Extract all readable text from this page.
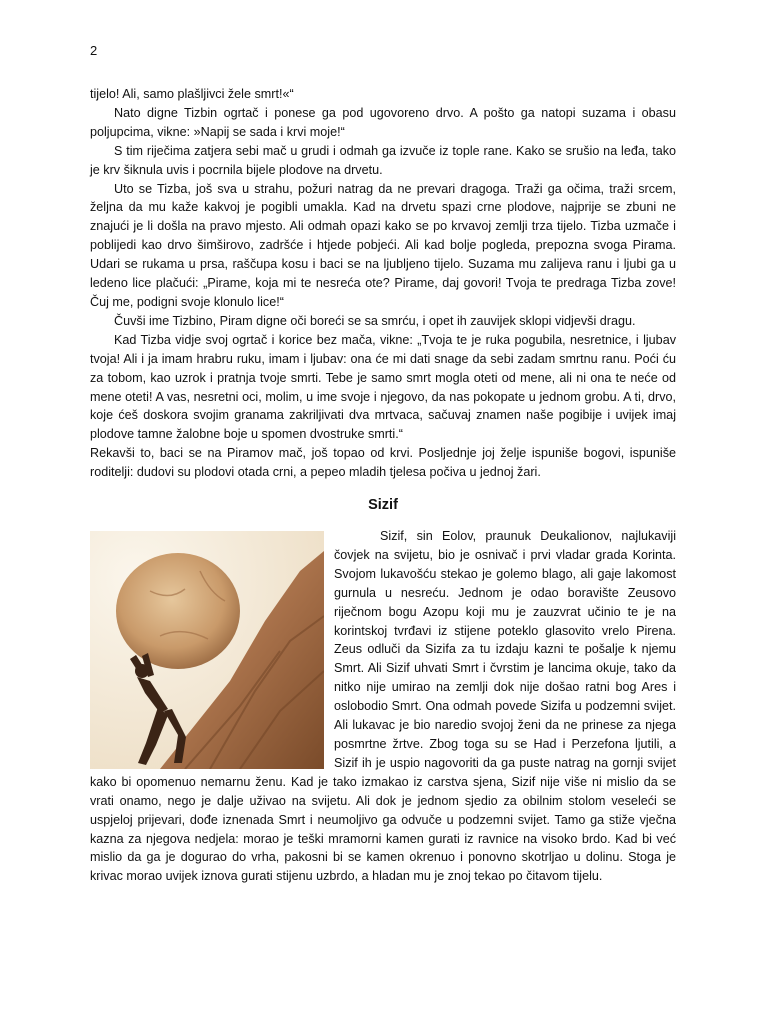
2

tijelo! Ali, samo plašljivci žele smrt!«“

Nato digne Tizbin ogrtač i ponese ga pod ugovoreno drvo. A pošto ga natopi suzama i obasu poljupcima, vikne: »Napij se sada i krvi moje!“

S tim riječima zatjera sebi mač u grudi i odmah ga izvuče iz tople rane. Kako se srušio na leđa, tako je krv šiknula uvis i pocrnila bijele plodove na drvetu.

Uto se Tizba, još sva u strahu, požuri natrag da ne prevari dragoga. Traži ga očima, traži srcem, željna da mu kaže kakvoj je pogibli umakla. Kad na drvetu spazi crne plodove, najprije se zbuni ne znajući je li došla na pravo mjesto. Ali odmah opazi kako se po krvavoj zemlji trza tijelo. Tizba uzmače i poblijedi kao drvo šimširovo, zadršće i htjede pobjeći. Ali kad bolje pogleda, prepozna svoga Pirama. Udari se rukama u prsa, raščupa kosu i baci se na ljubljeno tijelo. Suzama mu zalijeva ranu i ljubi ga u ledeno lice plačući: „Pirame, koja mi te nesreća ote? Pirame, daj govori! Tvoja te predraga Tizba zove! Čuj me, podigni svoje klonulo lice!“

Čuvši ime Tizbino, Piram digne oči boreći se sa smrću, i opet ih zauvijek sklopi vidjevši dragu.

Kad Tizba vidje svoj ogrtač i korice bez mača, vikne: „Tvoja te je ruka pogubila, nesretnice, i ljubav tvoja! Ali i ja imam hrabru ruku, imam i ljubav: ona će mi dati snage da sebi zadam smrtnu ranu. Poći ću za tobom, kao uzrok i pratnja tvoje smrti. Tebe je samo smrt mogla oteti od mene, ali ni ona te neće od mene oteti! A vas, nesretni oci, molim, u ime svoje i njegovo, da nas pokopate u jednom grobu. A ti, drvo, koje ćeš doskora svojim granama zakriljivati dva mrtvaca, sačuvaj znamen naše pogibije i uvijek imaj plodove tamne žalobne boje u spomen dvostruke smrti.“

Rekavši to, baci se na Piramov mač, još topao od krvi. Posljednje joj želje ispuniše bogovi, ispuniše roditelji: dudovi su plodovi otada crni, a pepeo mladih tjelesa počiva u jednoj žari.

Sizif

Sizif, sin Eolov, praunuk Deukalionov, najlukaviji čovjek na svijetu, bio je osnivač i prvi vladar grada Korinta. Svojom lukavošću stekao je golemo blago, ali gaje lakomost gurnula u nesreću. Jednom je odao boravište Zeusovo riječnom bogu Azopu koji mu je zauzvrat učinio te je na korintskoj tvrđavi iz stijene poteklo glasovito vrelo Pirena. Zeus odluči da Sizifa za tu izdaju kazni te pošalje k njemu Smrt. Ali Sizif uhvati Smrt i čvrstim je lancima okuje, tako da nitko nije umirao na zemlji dok nije došao ratni bog Ares i oslobodio Smrt. Ona odmah povede Sizifa u podzemni svijet. Ali lukavac je bio naredio svojoj ženi da ne prinese za njega posmrtne žrtve. Zbog toga su se Had i Perzefona ljutili, a Sizif ih je uspio nagovoriti da ga puste natrag na gornji svijet kako bi opomenuo nemarnu ženu. Kad je tako izmakao iz carstva sjena, Sizif nije više ni mislio da se vrati onamo, nego je dalje uživao na svijetu. Ali dok je jednom sjedio za obilnim stolom veseleći se uspjeloj prijevari, dođe iznenada Smrt i neumoljivo ga odvuče u podzemni svijet. Tamo ga stiže vječna kazna za njegova nedjela: morao je teški mramorni kamen gurati iz ravnice na visoko brdo. Kad bi već mislio da ga je dogurao do vrha, pakosni bi se kamen okrenuo i ponovno skotrljao u dolinu. Stoga je krivac morao uvijek iznova gurati stijenu uzbrdo, a hladan mu je znoj tekao po čitavom tijelu.
